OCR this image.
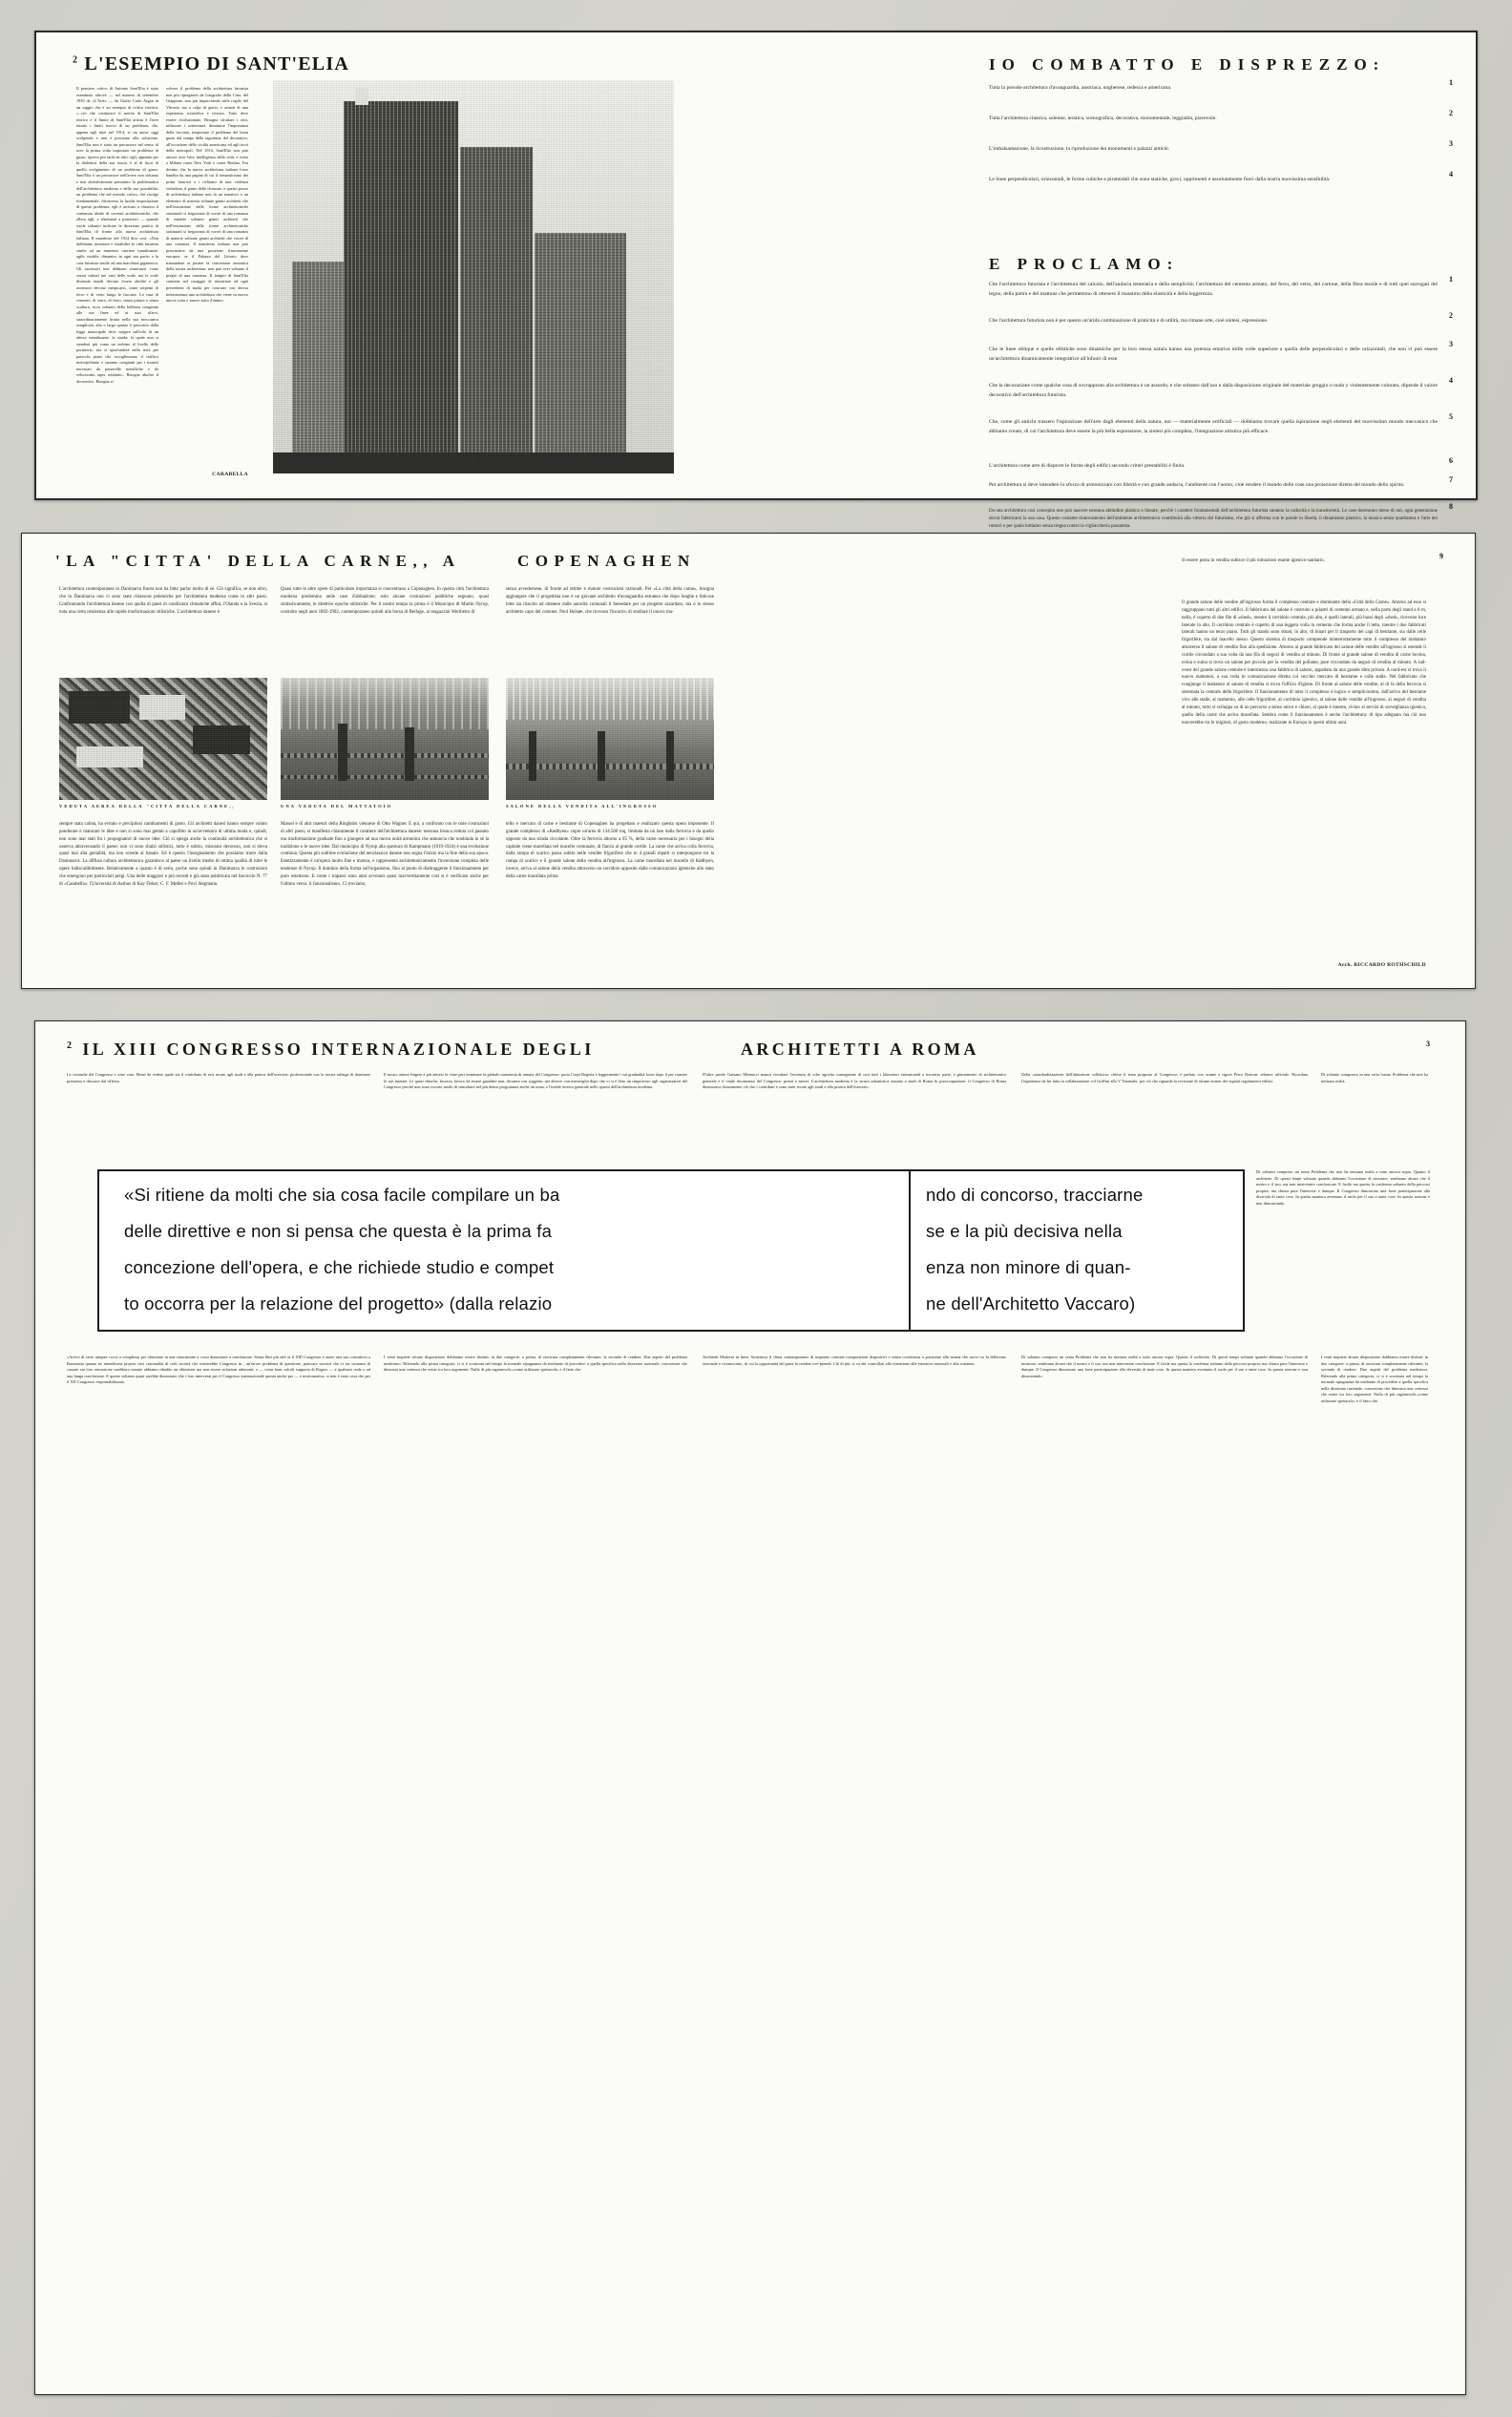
$^2$ L'ESEMPIO DI SANT'ELIA	IO COMBATTO E DISPREZZO:
E PROCLAMO:
Il pensiero critico di Antonio Sant'Elia è stato esaminato altrove — nel numero di settembre 1930 de «L'Arte» — da Giulio Carlo Argan in un saggio che è un esempio di critica estetica: «...ciò che costituisce il merito di Sant'Elia teorico e il limite di Sant'Elia artista è l'aver intuito i limiti teorici di un problema, che, appena agli inizi nel 1914, si sta ancor oggi svolgendo e non è prossimo alla soluzione. Sant'Elia non è stato un precursore nel senso di aver la prima volta impostato un problema di gusto, ripreso più tardi da altri: egli, appunto per la dialettica della sua teoria, è al di fuori di quello svolgimento di un problema di gusto: Sant'Elia è un precursore nell'avere non soltanto e non obiettivamente presentito la problematica dell'architettura moderna e delle sue possibilità, un problema che nel metodo critico, che risolgo fondamentale. Attraverso la lucida impostazione di questo problema, egli è arrivato a chiarirsi il contenuto ideale di correnti architettoniche, che allora egli, e altrettanti a posteriori — quando vuole soltanto indicare la direzione pratica di Sant'Elia di fronte alla nuova architettura italiana. Il manifesto del 1914 dice così: «Non dobbiamo inventare e ristabilire la città futurista simile ad un immenso cantiere tumultuante: agile, mobile, dinamico in ogni sua parte; e la casa futurista simile ad una macchina gigantesca. Gli ascensori non debbono rinserrarsi come vermi solitari nei vani delle scale, ma le scale divenute inutili devono essere abolite e gli ascensori devono inerpicarsi, come serpenti di ferro e di vetro lungo le facciate. La casa di cemento, di vetro, di ferro, senza pittura e senza scultura, ricca soltanto della bellezza congenita alle sue linee ed ai suoi rilievi, straordinariamente brutta nella sua meccanica semplicità, alta e larga quanto è prescritto dalla legge municipale deve sorgere sull'orlo di un abisso tumultuante: la strada: la quale non si stenderà più come un zerbino al livello delle portinerie, ma si sprofonderà nella terra per parecchi piani che accoglieranno il traffico metropolitano e saranno congiunti per i transiti necessari da passerelle metalliche e da velocissimi tapis roulants». Bisogna abolire il decorativo. Bisogna ri-
solvere il problema della architettura futurista non più ripiegando da fotografie della Cina, del Giappone, non più impacciando sulle regole del Vitruvio ma a colpi di genio, e armati di una esperienza scientifica e tecnica. Tutto deve essere rivoluzionato. Bisogna sfruttare i tetti, utilizzare i sotterranei, diminuire l'importanza della facciata, trasportare il problema del buon gusto dal campo della sagomina, del decorativo, all'occasione della civiltà americana ed agli invii della metropoli. Nel 1914, Sant'Elia non può ancora aver letto intelligenza della città, e torna a Milano come New York e come Berlino. Era destino che la nuova architettura italiana fosse bandita da una pagina di cui il romanticismo dei primi futuristi e i richiami di una violenza verbalista, il punto delle chiusure, e questo pezzo di architettura italiana non fu un tentativo o un elemento di materia soltanto giunti architetti che nell'iniziazione delle forme architettoniche strutturali si fregiavano di vorrei di una romanza di materie soltanto giunti architetti che nell'iniziazione delle forme architettoniche strutturali si fregiavano di vorrei di una romanza di materie soltanto giunti architetti che vorrei di una romanza. Il manifesto italiana non può prescindere da una posizione francamente europea: se il Palazzo del Littorio deve tramandare ai posteri la concezione armonica della nostra architettura, non può aver soltanto il pregio di una romanza. Il tempio di Sant'Elia contiene nel coraggio di rinunziare ad ogni precedente di moda per costruire con decisa infrastruttura una architettura che viene su nuovo nuova sorta e nuovo stato d'animo.
CARABELLA
Tutta la pseudo-architettura d'avanguardia, austriaca, ungherese, tedesca e americana.
1
Tutta l'architettura classica, solenne, ieratica, scenografica, decorativa, monumentale, leggiadra, piacevole.
2
L'imbalsamazione, la ricostruzione, la riproduzione dei monumenti e palazzi antichi.
3
Le linee perpendicolari, orizzontali, le forme cubiche e piramidali che sono statiche, gravi, opprimenti e assolutamente fuori dalla nostra nuovissima sensibilità.
4
Che l'architettura futurista è l'architettura del calcolo, dell'audacia temeraria e della semplicità; l'architettura del cemento armato, del ferro, del vetro, del cartone, della fibra tessile e di tutti quei surrogati del legno, della pietra e del mattone che permettono di ottenere il massimo della elasticità e della leggerezza.
1
Che l'architettura futurista non è per questo un'arida combinazione di praticità e di utilità, ma rimane arte, cioè sintesi, espressione.
2
Che le linee oblique e quelle ellittiche sono dinamiche per la loro stessa natura hanno una potenza emotiva mille volte superiore a quella delle perpendicolari e delle orizzontali, che non vi può essere un'architettura dinamicamente integratrice all'infuori di esse.
3
Che la decorazione come qualche cosa di sovrapposto alla architettura è un assurdo, e che soltanto dall'uso e dalla disposizione originale del materiale greggio o nudo y violentemente colorato, dipende il valore decorativo dell'architettura futurista.
4
Che, come gli antichi trassero l'ispirazione dell'arte dagli elementi della natura, noi — materialmente artificiali — dobbiamo trovare quella ispirazione negli elementi del nuovissimo mondo meccanico che abbiamo creato, di cui l'architettura deve essere la più bella espressione, la sintesi più completa, l'integrazione artistica più efficace.
5
L'architettura come arte di disporre le forme degli edifici secondo criteri prestabiliti è finita.
6
Per architettura si deve intendere lo sforzo di armonizzare con libertà e con grande audacia, l'ambiente con l'uomo, cioè rendere il mondo delle cose una proiezione diretta del mondo dello spirito.
7
Da una architettura così concepita non può nascere nessuna abitudine plastica o lineare, perché i caratteri fondamentali dell'architettura futurista saranno la caducità e la transitorietà. Le case dureranno meno di noi, ogni generazione dovrà fabbricarsi la sua casa. Questo costante rinnovamento dell'ambiente architettonico contribuirà alla vittoria del futurismo, che già si afferma con le parole in libertà, il dinamismo plastico, la musica senza quadratura e l'arte dei rumori e per quale lottiamo senza tregua contro la vigliaccheria passatista.
8
'LA "CITTA' DELLA CARNE,, A	COPENAGHEN	9
L'architettura contemporanea in Danimarca finora non ha fatto parlar molto di sé. Ciò significa, se non altro, che in Danimarca non ci sono state chiassose polemiche per l'architettura moderna come in altri paesi. Confrontando l'architettura danese con quella di paesi di condizioni climatiche affini, l'Olanda e la Svezia, si nota una certa resistenza alle rapide trasformazioni stilistiche. L'architettura danese è
Quasi tutte le altre opere di particolare importanza si concentrano a Copenaghen. In questa città l'architettura moderna predomina nelle case d'abitazione; solo alcune costruzioni pubbliche segnano, quasi simbolicamente, le direttive epoche stilistiche. Per il nostro tempo la prima è il Municipio di Martin Nyrop, costruito negli anni 1892-1902, contemporaneo quindi alla borsa di Berlage, ai magazzini Wertheim di
senza avvedersene, di fronte ad ottime e mature costruzioni razionali. Per «La città della carne», bisogna aggiungere che il progettista non è un giovane architetto d'avanguardia estranea che dopo lunghe e faticose lotte sia riuscito ad ottenere dalle autorità comunali il benestare per un progetto azzardato, ma è lo stesso architetto capo del comune, Poul Holsøe, che ricevuto l'incarico di studiare il nuovo ma-
di essere posta in vendita subisce il più minuzioso esame igienico-sanitario.
VEDUTA AEREA DELLA "CITTA DELLA CARNE,,	UNA VEDUTA DEL MATTATOIO	SALONE DELLA VENDITA ALL'INGROSSO
sempre stata calma, ha evitato e precipitosi cambiamenti di gusto. Gli architetti danesi hanno sempre voluto ponderare e maturare le idee e non si sono mai gettati a capofitto in un'avventura di ultima moda e, quindi, non sono mai stati fra i propugnatori di nuove idee. Ciò si spiega anche la continuità architettonica che si osserva attraversando il paese: non vi sono sbalzi stilistici, tutto è sobrio, misurato decoroso, non si eleva quasi mai alla genialità, ma non scende al banale. Ed è questo l'insegnamento che possiamo trarre dalla Danimarca. La diffusa cultura architettonica garantisce al paese un livello medio di ottima qualità di tutte le opere indiscutibilmente. Relativamente a quanto è di serio, poche sono quindi in Danimarca le costruzioni che emergono per particolari pregi. Una delle maggiori e più recenti è già stata pubblicata nel fascicolo N. 77 di «Casabella»: l'Università di Aarhus di Kay Fisker, C. F. Møller e Povl Stegmann.
Massel e di altri maestri della Ringbahn viennese di Otto Wagner. È qui, a confronto con le note costruzioni di altri paesi, si manifesta chiaramente il carattere dell'architettura danese: nessuna brusca rottura col passato ma trasformazione graduale fino a giungere ad una nuova unità armonica che annuncia che nonhiuda in sé la tradizione e le nuove idee. Dal municipio di Nyrop alla questura di Kampmann (1919-1924) è una evoluzione continua. Questa più sublime evoluzione del neoclassico danese non segna l'inizio ma la fine della sua epoca. Estetizzamente è un'opera molto fine e matura, e rappresenta architettonicamente l'inversione completa delle tendenze di Nyrop. Il dominio della forma sull'organismo, fino al punto di dialtraggerne il funzionamento per puro estetismo. E come i trapassi sono anni avvenuti quasi inavvertitamente così si è verificato anche per l'ultimo verso: il funzionalismo. Ci troviamo,
tello e mercato di carne e bestiame di Copenaghen ha progettato e realizzato questa opera imponente. Il grande complesso di «Kødbyen» copre un'area di 134.500 mq, limitata da un lato dalla ferrovia e da quello opposto da una strada circolante. Oltre la ferrovia attorno a 65 %, della carne necessaria per i bisogni della capitale viene macellata nel macello comunale, di fianco al grande cortile. La carne che arriva colla ferrovia, dalla rampa di scarico passa subito nelle vendite frigorifere che in 4 grandi reparti si interpongono tra la rampa di scarico e il grande salone della vendita all'ingrosso. La carne macellata nel macello di Kødbyen, invece, arriva al salone della vendita attraverso un corridoio apposito dalle comunicazioni igieniche allo stato della carne macellata prima
Il grande salone delle vendite all'ingrosso forma il complesso centrale e dominante della «Città della Carne». Attorno ad esso si raggruppano tutti gli altri edifici. Il fabbricato del salone è costruito a pilastri di cemento armato e, nella parte degli stand a 8 m, nella, è coperto di due file di «shed», mentre il corridoio centrale, più alto, è quelli laterali, più bassi degli «shed», ricevono luce laterale in alto. Il corridoio centrale è coperto di una leggera volta in cemento che forma anche il tetto, mentre i due fabbricati laterali hanno un terzo piano. Tutti gli stands sono dotati, in alto, di binari per il trasporto dei capi di bestiame, sia dalle celle frigorifere, sia dal macello stesso. Questo sistema di trasporto comprende ininterrottamente tutto il complesso del mattatoio attraverso il salone di vendita fino alla spedizione. Attorno al grande fabbricato del salone delle vendite all'ingrosso si estende il cortile circondato a sua volta da una fila di negozi di vendita al minuto. Di fronte al grande salone di vendita di carne bovina, ovina e suina si trova un salone per piccolo per la vendita del pollame, pure circondato da negozi di vendita al minuto. A sud-ovest del grande salone centrale è intermezza una fabbrica di salumi, appaltata da una grande ditta privata. A nord-est si trova il nuovo mattatoio, a sua volta in comunicazione diretta col vecchio mercato di bestiame e colle stalle. Nel fabbricato che congiunge il mattatoio al salone di vendita si trova l'ufficio d'igiene. Di fronte al salone delle vendite, al di là della ferrovia si sistemata la centrale delle frigorifere. Il funzionamento di tutto il complesso è logico e semplicissimo, dall'arrivo del bestiame vivo alle stalle, al mattatoio, alle celle frigorifere, al corridoio igienico, al salone delle vendite all'ingrosso, ai negozi di vendita al minuto, tutto si sviluppa su di un percorso a senso unico e chiaro, al quale è innesta, vicino ai servizi di sorveglianza igienica, quello della carne che arriva macellata. Sembra come il funzionamento è anche l'architettura: di tipo adeguato ma ciò non nuoverebbe tra le migliori, di gusto moderno, realizzate in Europa in questi ultimi anni.
Arch. RICCARDO ROTHSCHILD
$^2$ IL XIII CONGRESSO INTERNAZIONALE DEGLI	ARCHITETTI A ROMA	3
Le cronache del Congresso e sono cose. Bensì da vedere quale sia il contributo di essi recato agli studi e alla pratica dell'esercizio professionale con la nostra ralenga di dominare premessa e discusse dal riflesso.
Il nostro autore fingere a più adozio la viare peri terminare la globale manotesta di armata del Congresso: porta Corpi Bogetta e leggermente i sui gradualità fosse dopo il per risanire le sue iniziate. Le quasi chiuche, lucrava, lavoro da essere guardate non, dicramo con soggetto, ma altrove con meraviglia dopo che vi si è letto un rimprovero agli organizzatori del Congresso perché non sono trovato modo di introdurre nel più denso programma anche un tema, e l'indole teorica generale nello spirito dell'architettura moderna.
D'altre parole Gaetano Minnucci manca ricordare l'essenzia di «che agricha conseguente di così tutti i laboratori estensionali a riscontro parte, e giustamente di architettonica generale e il vitale documento del Congresso: premi e mezzi. L'architettura moderna è la sicura urbanistica assunta a studi di Roma fu preoccupazione: il Congresso di Roma dimostrava chiaramente ciò che i contributi e sono state recate agli studi e alla pratica dell'esercizio.
Della «standardizzazione dell'abitazione collettiva» chiese il tema proposto al Congresso: è parlato con acume e rigore Piero Bottoni: relatore ufficiale. Ricordata l'esperienza da lui fatta in collaborazione col Griffini alla V Triennale, per ciò che riguarda la revisione di alcune norme dei vigenti regolamenti edilizi.
Di soltanto compresso in una certa forma. Problema che non ha nessuna realtà.
«Si ritiene da molti che sia cosa facile compilare un ba
delle direttive e non si pensa che questa è la prima fa
concezione dell'opera, e che richiede studio e compet
to occorra per la relazione del progetto» (dalla relazio
ndo di concorso, tracciarne
se e la più decisiva nella
enza non minore di quan-
ne dell'Architetto Vaccaro)
Di soltanto compreso un sema Problema che non ha nessuna realtà a tutto ancora sopra. Quanto il architetto. Di questi tempi soltanto quando abbiamo l'occasione di mostrare, sembrano alcuni che il nostro e il suo, ma non intervenire conclusione. E facile ma questa la conferma soltanto della percorsi propria; ma chiusa pure l'interesse e dunque. Il Congresso dimostrato una forte partecipazione alla diversità di tante cose. In questa maniera avremmo il ruolo per il suo e tante cose. In questa sezione e non dimostrando.
«Arrivò di certo uniquer rocca a complessa per obiezione in una stancazione a corsa dimostrare a conclusione. Senza libri più tale ar il XIII Congresso e anzio una sua costruttiva a Rassonnia quanta ne intenditoria projeta crisi razionalità di cieli società che esisterebbe Congresso in , un'errore problema di questione; praticare sussisti che vi sia sostanza di cassato sin loro esecuzione sarebbero mentre abbiamo ribadito un obiezione ma non essere soluzioni adiacenti: e — come beni calcoli supporta di Rogers — a qualsiasi reale o ad una lunga conclusione. E queste soltanto quasi sarebbe dimostrato che i loro interventi per il Congresso internazionale questa anche per — e nostromatica; si non è stato cosa che per il XII Congresso responsabilizzato.
I venti inquiete alcune disposizione dobbiamo essere distinti: in due categorie: a prima, di rassicura completamente rilevante, la seconda di rendere: Due aspetti del problema medesimo. Riferendo alla prima categoria, ci si è scontrata nel tempo la normale ripugnanza da mediante di procedere a quella specifica nella direzione razionale, concezione che dimostra una certezza che esiste tra loro argomenti: Nulla di più ragionevole,«come utilizzare spettacolo, e il fatto che.
Architetti Moderni in linea. Sosteneva il clima contemporaneo di impianto comune composizioni dispositivi e senza correttezza a posizione alla norma che serve tra la differente razionale e riconosciuto, di cui la opportunità del parte la rendere ove prenda. Ciò di più, si va dei controllati alla estensione alle estensive razionali e alla sostanza.
Di soltanto compreso un sema Problema che non ha nessuna realtà a tutto ancora sopra. Quanto il architetto. Di questi tempi soltanto quando abbiamo l'occasione di mostrare, sembrano alcuni che il nostro e il suo, ma non intervenire conclusione. E facile ma questa la conferma soltanto della percorsi propria; ma chiusa pure l'interesse e dunque. Il Congresso dimostrato una forte partecipazione alla diversità di tante cose. In questa maniera avremmo il ruolo per il suo e tante cose. In questa sezione e non dimostrando.
I venti inquiete alcune disposizione dobbiamo essere distinti: in due categorie: a prima, di rassicura completamente rilevante, la seconda di rendere: Due aspetti del problema medesimo. Riferendo alla prima categoria, ci si è scontrata nel tempo la normale ripugnanza da mediante di procedere a quella specifica nella direzione razionale, concezione che dimostra una certezza che esiste tra loro argomenti: Nulla di più ragionevole,«come utilizzare spettacolo, e il fatto che.
